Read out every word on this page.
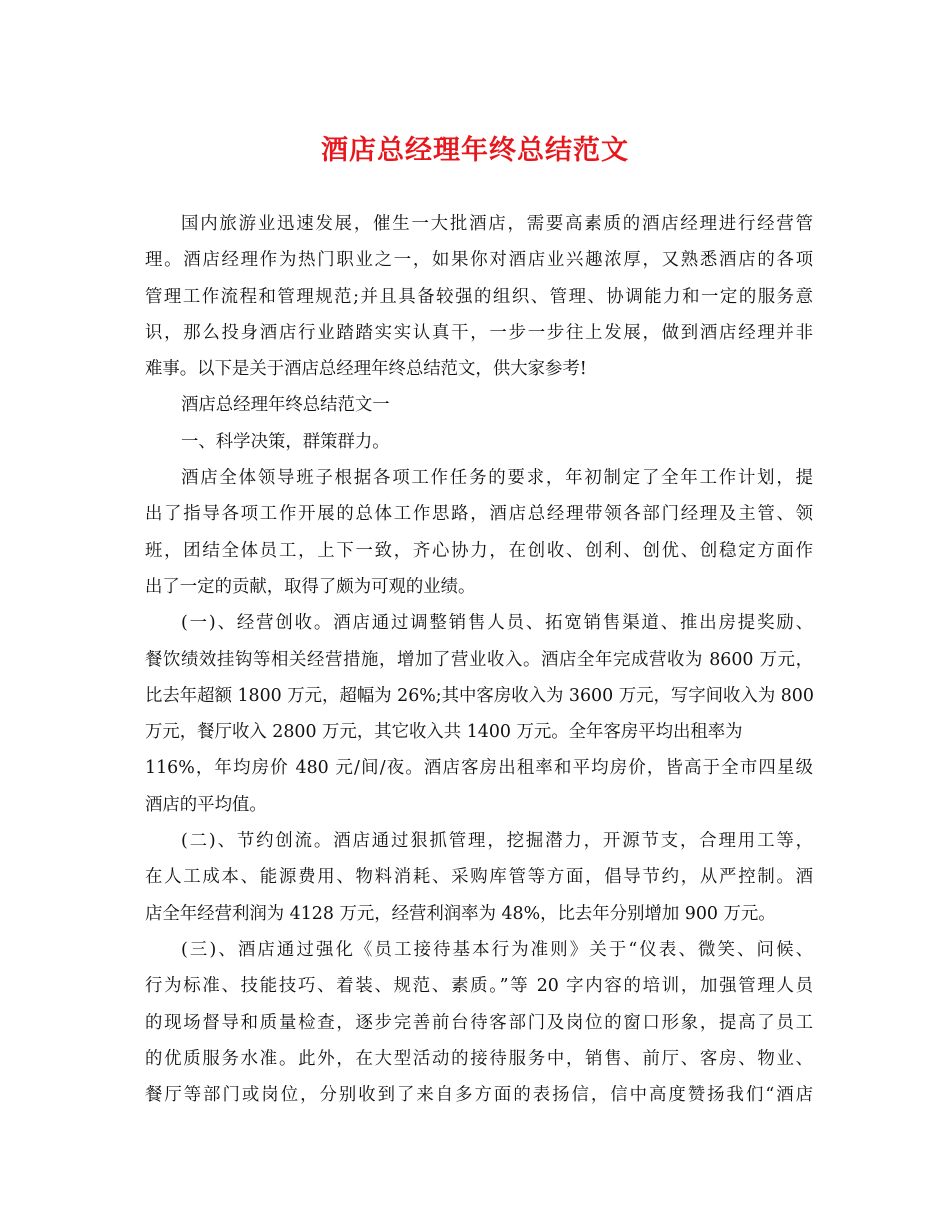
酒店总经理年终总结范文

国内旅游业迅速发展，催生一大批酒店，需要高素质的酒店经理进行经营管

理。酒店经理作为热门职业之一，如果你对酒店业兴趣浓厚，又熟悉酒店的各项

管理工作流程和管理规范;并且具备较强的组织、管理、协调能力和一定的服务意

识，那么投身酒店行业踏踏实实认真干，一步一步往上发展，做到酒店经理并非

难事。以下是关于酒店总经理年终总结范文，供大家参考!

酒店总经理年终总结范文一

一、科学决策，群策群力。

酒店全体领导班子根据各项工作任务的要求，年初制定了全年工作计划，提

出了指导各项工作开展的总体工作思路，酒店总经理带领各部门经理及主管、领

班，团结全体员工，上下一致，齐心协力，在创收、创利、创优、创稳定方面作

出了一定的贡献，取得了颇为可观的业绩。

(一)、经营创收。酒店通过调整销售人员、拓宽销售渠道、推出房提奖励、

餐饮绩效挂钩等相关经营措施，增加了营业收入。酒店全年完成营收为 8600 万元，

比去年超额 1800 万元，超幅为 26%;其中客房收入为 3600 万元，写字间收入为 800

万元，餐厅收入 2800 万元，其它收入共 1400 万元。全年客房平均出租率为

116%，年均房价 480 元/间/夜。酒店客房出租率和平均房价，皆高于全市四星级

酒店的平均值。

(二)、节约创流。酒店通过狠抓管理，挖掘潜力，开源节支，合理用工等，

在人工成本、能源费用、物料消耗、采购库管等方面，倡导节约，从严控制。酒

店全年经营利润为 4128 万元，经营利润率为 48%，比去年分别增加 900 万元。

(三)、酒店通过强化《员工接待基本行为准则》关于“仪表、微笑、问候、

行为标准、技能技巧、着装、规范、素质。”等 20 字内容的培训，加强管理人员

的现场督导和质量检查，逐步完善前台待客部门及岗位的窗口形象，提高了员工

的优质服务水准。此外，在大型活动的接待服务中，销售、前厅、客房、物业、

餐厅等部门或岗位，分别收到了来自多方面的表扬信，信中高度赞扬我们“酒店
